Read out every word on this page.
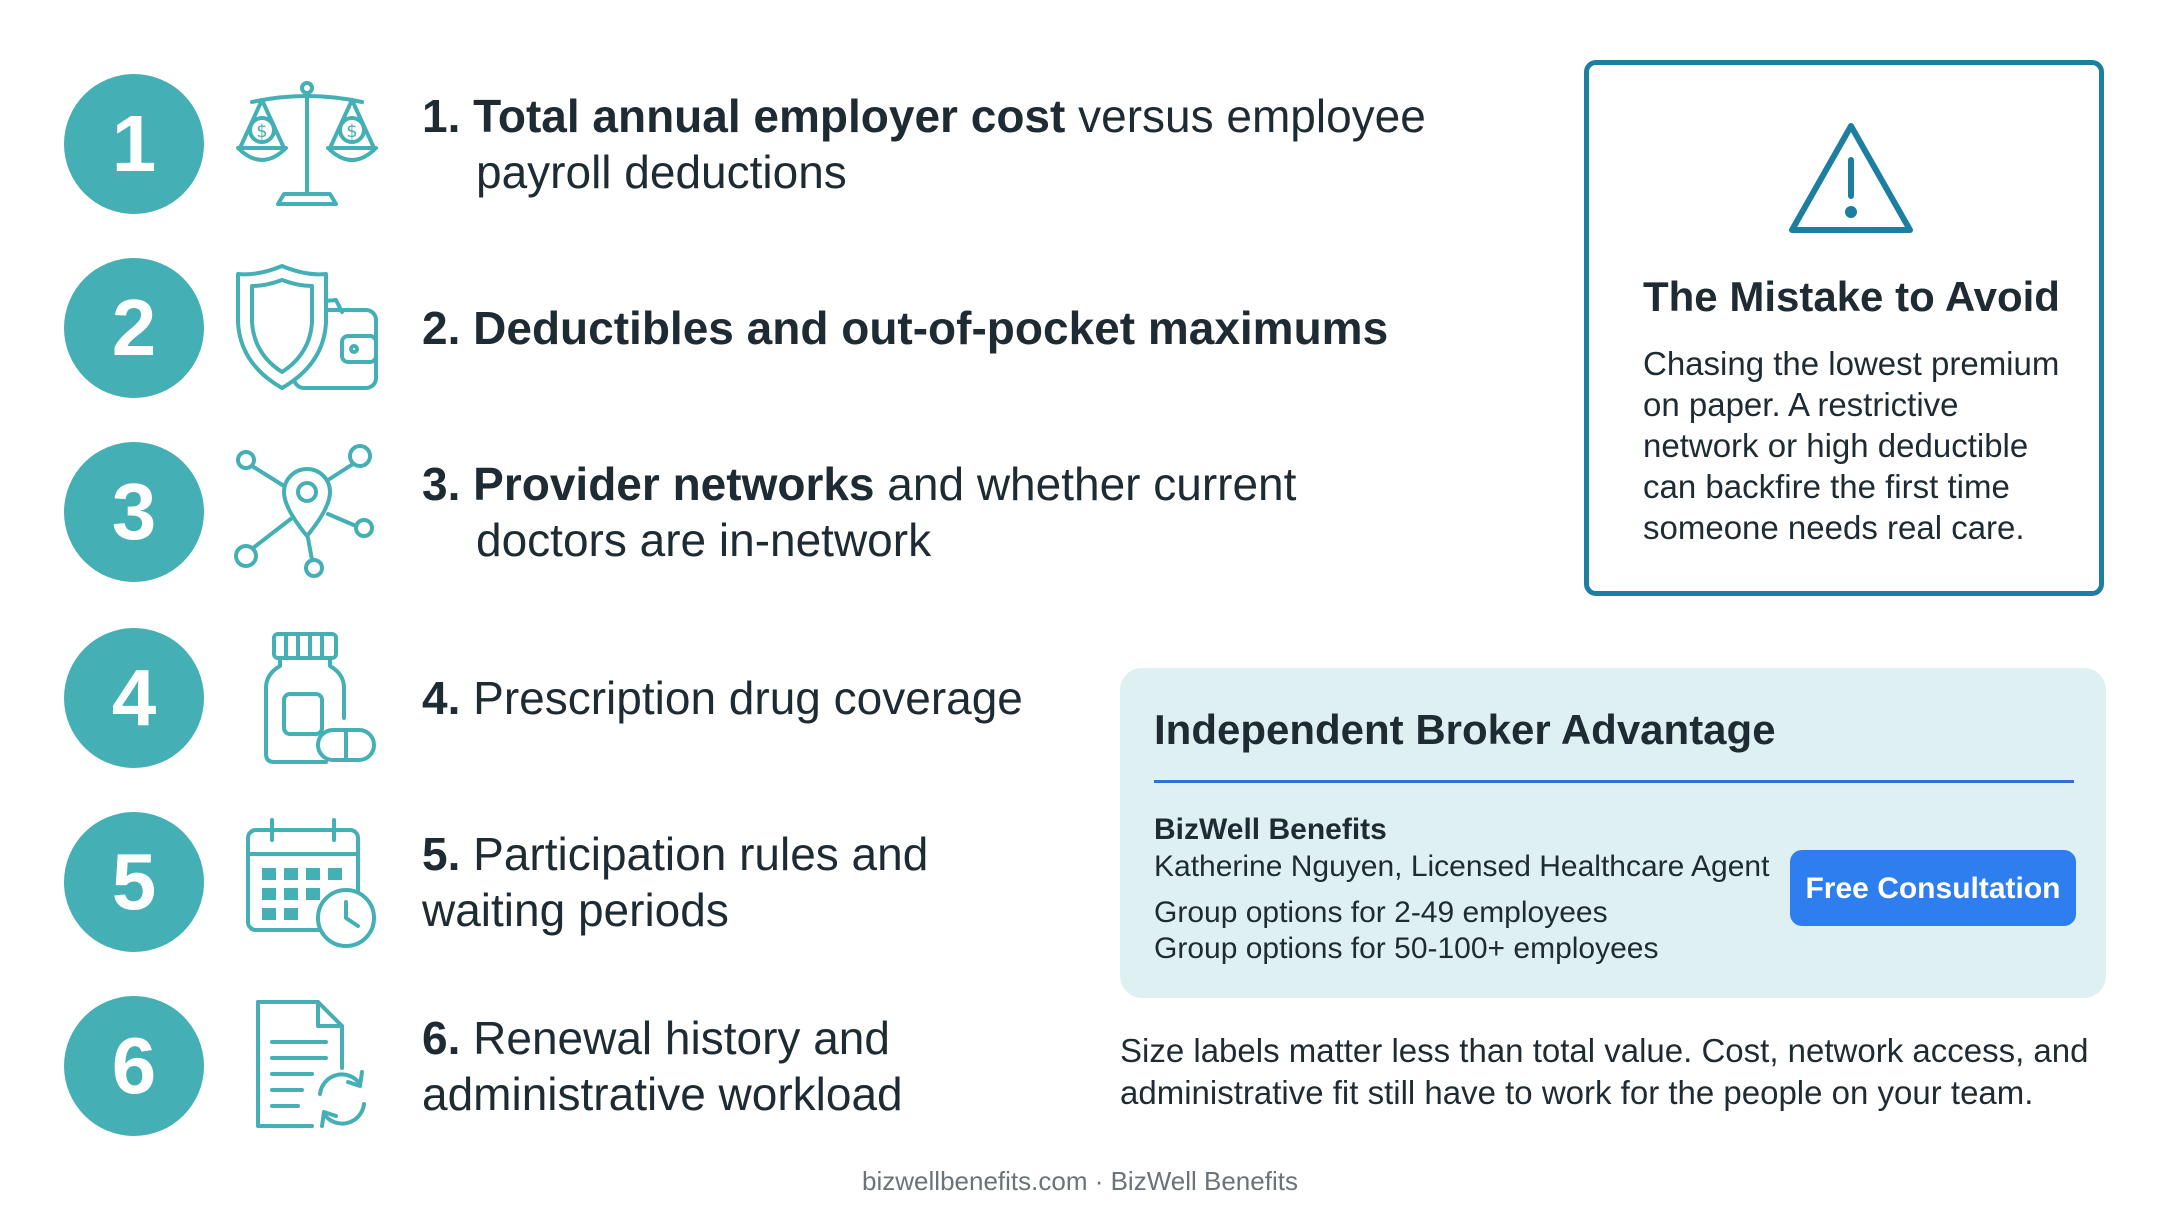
1	$	$ 1. Total annual employer cost versus employee
payroll deductions
2	2. Deductibles and out-of-pocket maximums
3	3. Provider networks and whether current
doctors are in-network
4	4. Prescription drug coverage
5	5. Participation rules and
waiting periods
6	6. Renewal history and
administrative workload
The Mistake to Avoid
Chasing the lowest premium
on paper. A restrictive
network or high deductible
can backfire the first time
someone needs real care.
Independent Broker Advantage
BizWell Benefits
Katherine Nguyen, Licensed Healthcare Agent
Group options for 2-49 employees
Group options for 50-100+ employees
Free Consultation
Size labels matter less than total value. Cost, network access, and
administrative fit still have to work for the people on your team.
bizwellbenefits.com · BizWell Benefits
